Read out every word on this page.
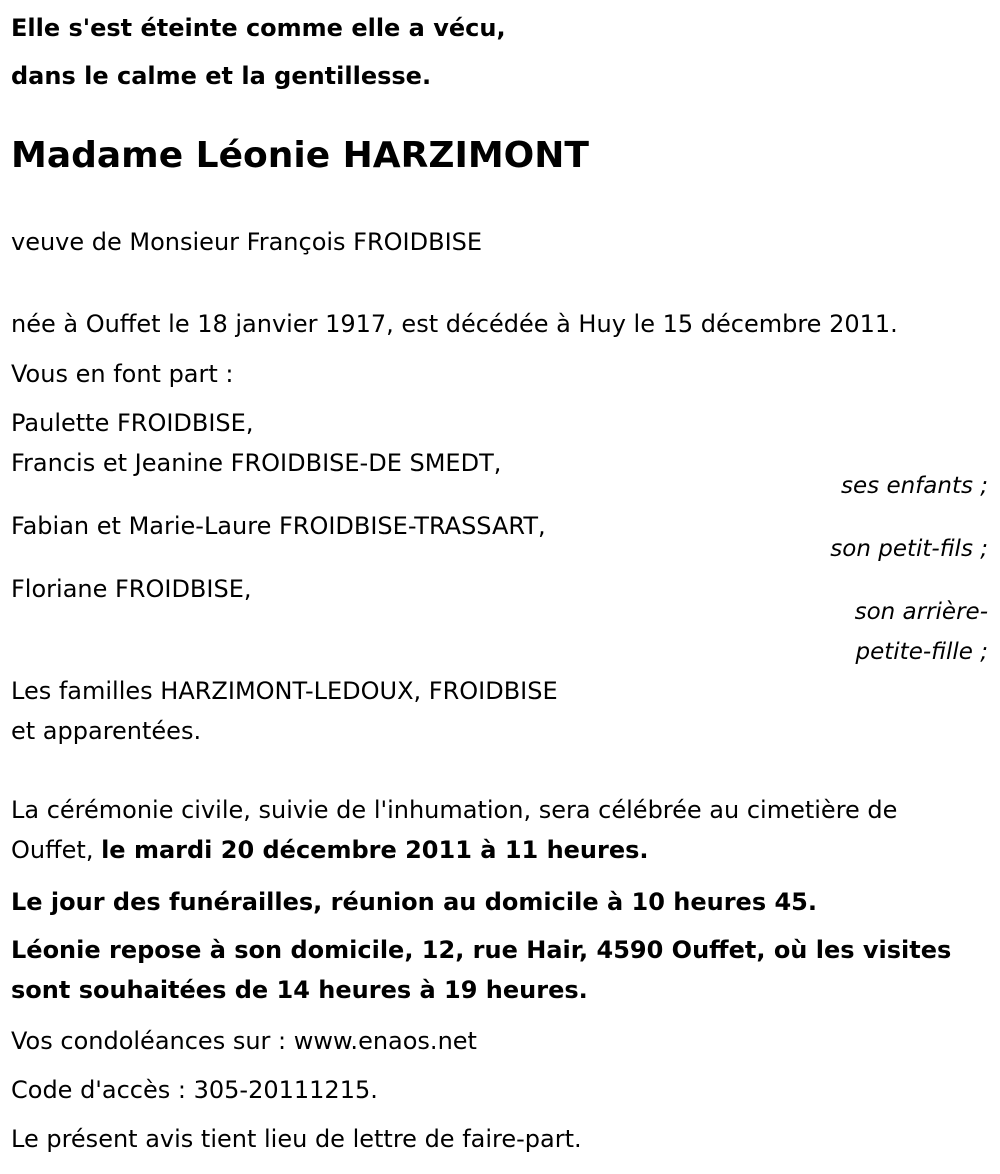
Elle s'est éteinte comme elle a vécu,
dans le calme et la gentillesse.
Madame Léonie HARZIMONT
veuve de Monsieur François FROIDBISE
née à Ouffet le 18 janvier 1917, est décédée à Huy le 15 décembre 2011.
Vous en font part :
Paulette FROIDBISE,
Francis et Jeanine FROIDBISE-DE SMEDT,
ses enfants ;
Fabian et Marie-Laure FROIDBISE-TRASSART,
son petit-fils ;
Floriane FROIDBISE,
son arrière-
petite-fille ;
Les familles HARZIMONT-LEDOUX, FROIDBISE
et apparentées.
La cérémonie civile, suivie de l'inhumation, sera célébrée au cimetière de Ouffet, le mardi 20 décembre 2011 à 11 heures.
Le jour des funérailles, réunion au domicile à 10 heures 45.
Léonie repose à son domicile, 12, rue Hair, 4590 Ouffet, où les visites sont souhaitées de 14 heures à 19 heures.
Vos condoléances sur : www.enaos.net
Code d'accès : 305-20111215.
Le présent avis tient lieu de lettre de faire-part.
